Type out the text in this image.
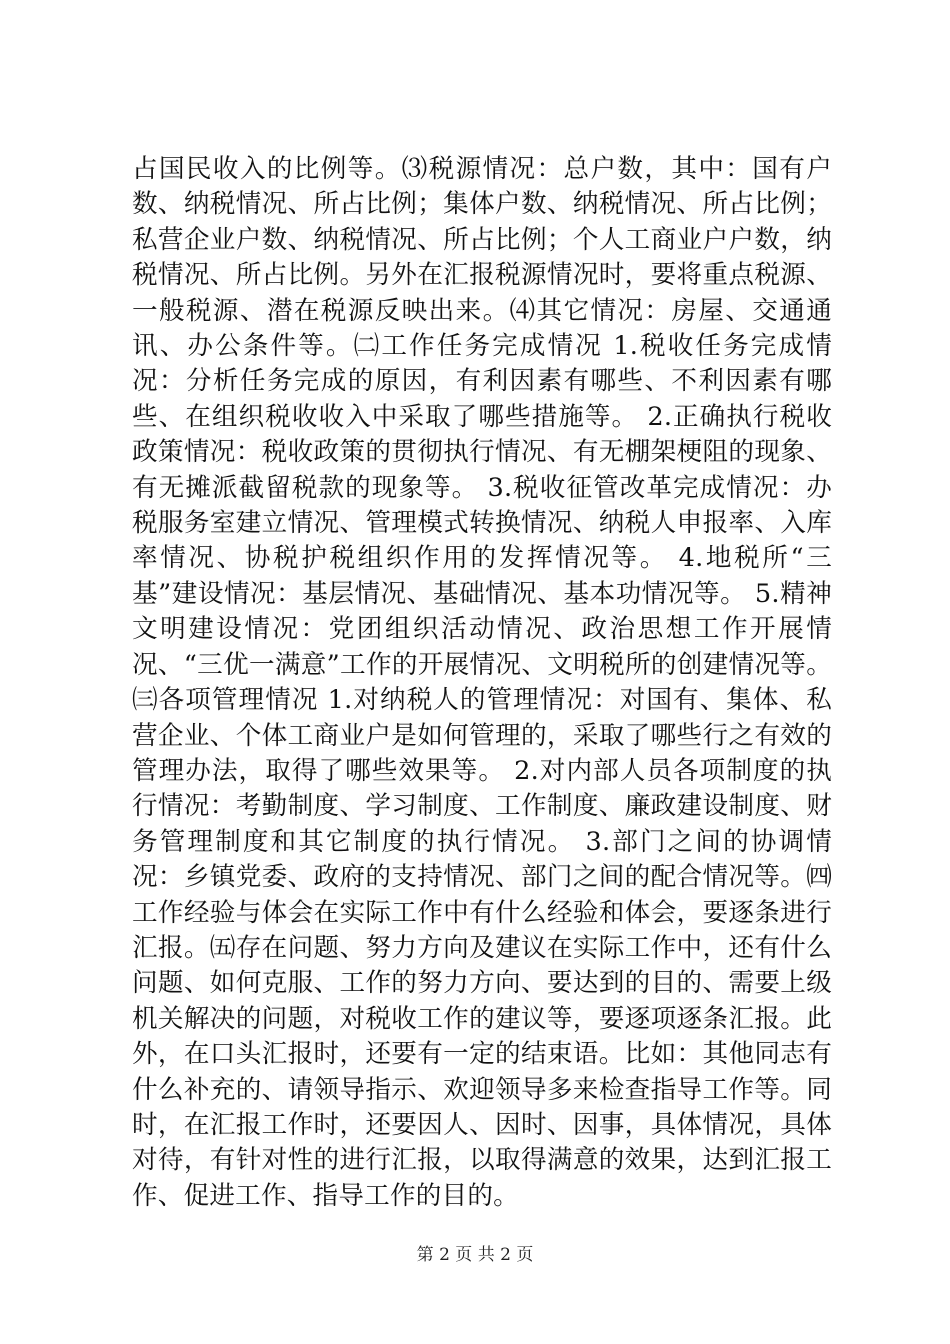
占国民收入的比例等。⑶税源情况：总户数，其中：国有户数、纳税情况、所占比例；集体户数、纳税情况、所占比例；私营企业户数、纳税情况、所占比例；个人工商业户户数，纳税情况、所占比例。另外在汇报税源情况时，要将重点税源、一般税源、潜在税源反映出来。⑷其它情况：房屋、交通通讯、办公条件等。㈡工作任务完成情况 1.税收任务完成情况：分析任务完成的原因，有利因素有哪些、不利因素有哪些、在组织税收收入中采取了哪些措施等。 2.正确执行税收政策情况：税收政策的贯彻执行情况、有无棚架梗阻的现象、有无摊派截留税款的现象等。 3.税收征管改革完成情况：办税服务室建立情况、管理模式转换情况、纳税人申报率、入库率情况、协税护税组织作用的发挥情况等。 4.地税所“三基”建设情况：基层情况、基础情况、基本功情况等。 5.精神文明建设情况：党团组织活动情况、政治思想工作开展情况、“三优一满意”工作的开展情况、文明税所的创建情况等。㈢各项管理情况 1.对纳税人的管理情况：对国有、集体、私营企业、个体工商业户是如何管理的，采取了哪些行之有效的管理办法，取得了哪些效果等。 2.对内部人员各项制度的执行情况：考勤制度、学习制度、工作制度、廉政建设制度、财务管理制度和其它制度的执行情况。 3.部门之间的协调情况：乡镇党委、政府的支持情况、部门之间的配合情况等。㈣工作经验与体会在实际工作中有什么经验和体会，要逐条进行汇报。㈤存在问题、努力方向及建议在实际工作中，还有什么问题、如何克服、工作的努力方向、要达到的目的、需要上级机关解决的问题，对税收工作的建议等，要逐项逐条汇报。此外，在口头汇报时，还要有一定的结束语。比如：其他同志有什么补充的、请领导指示、欢迎领导多来检查指导工作等。同时，在汇报工作时，还要因人、因时、因事，具体情况，具体对待，有针对性的进行汇报，以取得满意的效果，达到汇报工作、促进工作、指导工作的目的。

第 2 页 共 2 页
